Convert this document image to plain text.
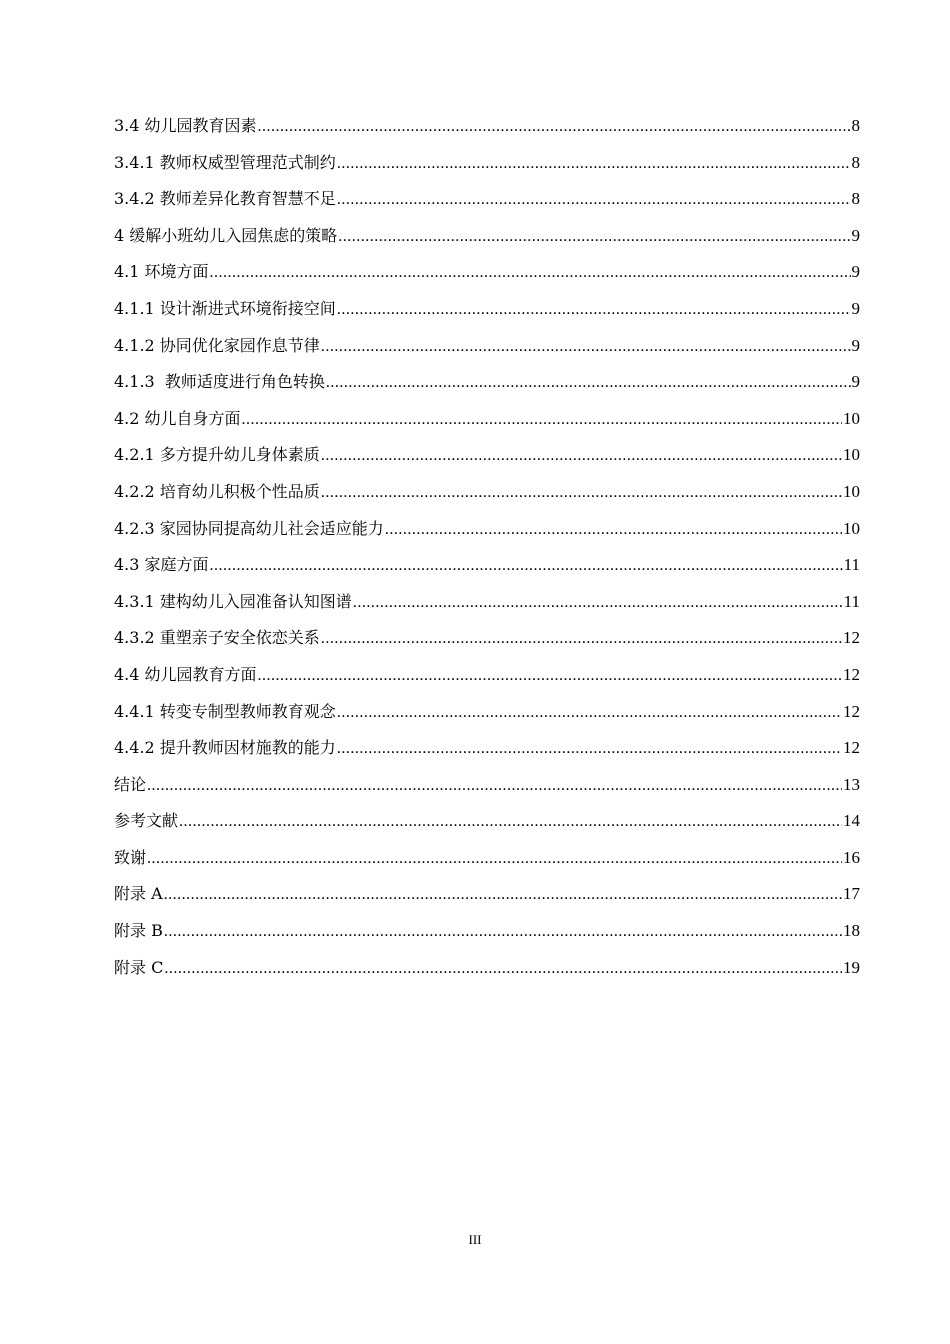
3.4 幼儿园教育因素 .....	8
3.4.1 教师权威型管理范式制约 .....	8
3.4.2 教师差异化教育智慧不足 .....	8
4 缓解小班幼儿入园焦虑的策略 .....	9
4.1 环境方面 .....	9
4.1.1 设计渐进式环境衔接空间 .....	9
4.1.2 协同优化家园作息节律 .....	9
4.1.3  教师适度进行角色转换 .....	9
4.2 幼儿自身方面 .....	10
4.2.1 多方提升幼儿身体素质 .....	10
4.2.2 培育幼儿积极个性品质 .....	10
4.2.3 家园协同提高幼儿社会适应能力 .....	10
4.3 家庭方面 .....	11
4.3.1 建构幼儿入园准备认知图谱 .....	11
4.3.2 重塑亲子安全依恋关系 .....	12
4.4 幼儿园教育方面 .....	12
4.4.1 转变专制型教师教育观念 .....	12
4.4.2 提升教师因材施教的能力 .....	12
结论 .....	13
参考文献 .....	14
致谢 .....	16
附录 A .....	17
附录 B .....	18
附录 C .....	19
III
